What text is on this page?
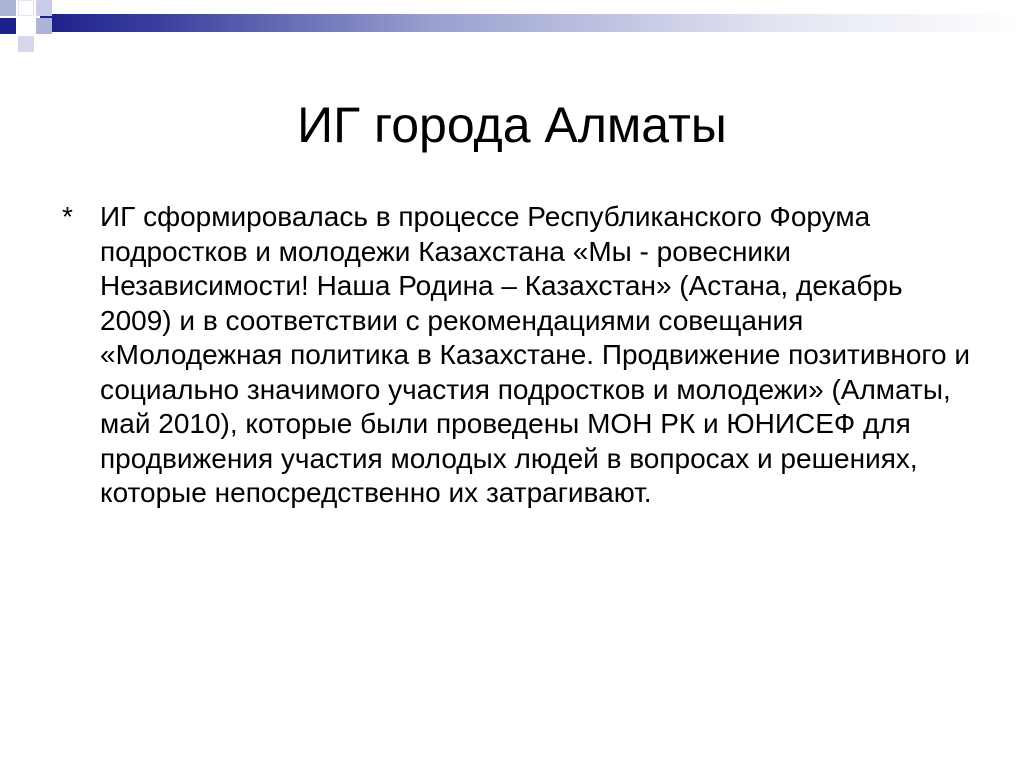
ИГ города Алматы
* ИГ сформировалась в процессе Республиканского Форума подростков и молодежи Казахстана «Мы - ровесники Независимости! Наша Родина – Казахстан» (Астана, декабрь 2009) и в соответствии с рекомендациями совещания «Молодежная политика в Казахстане. Продвижение позитивного и социально значимого участия подростков и молодежи» (Алматы, май 2010), которые были проведены МОН РК и ЮНИСЕФ для продвижения участия молодых людей в вопросах и решениях, которые непосредственно их затрагивают.
